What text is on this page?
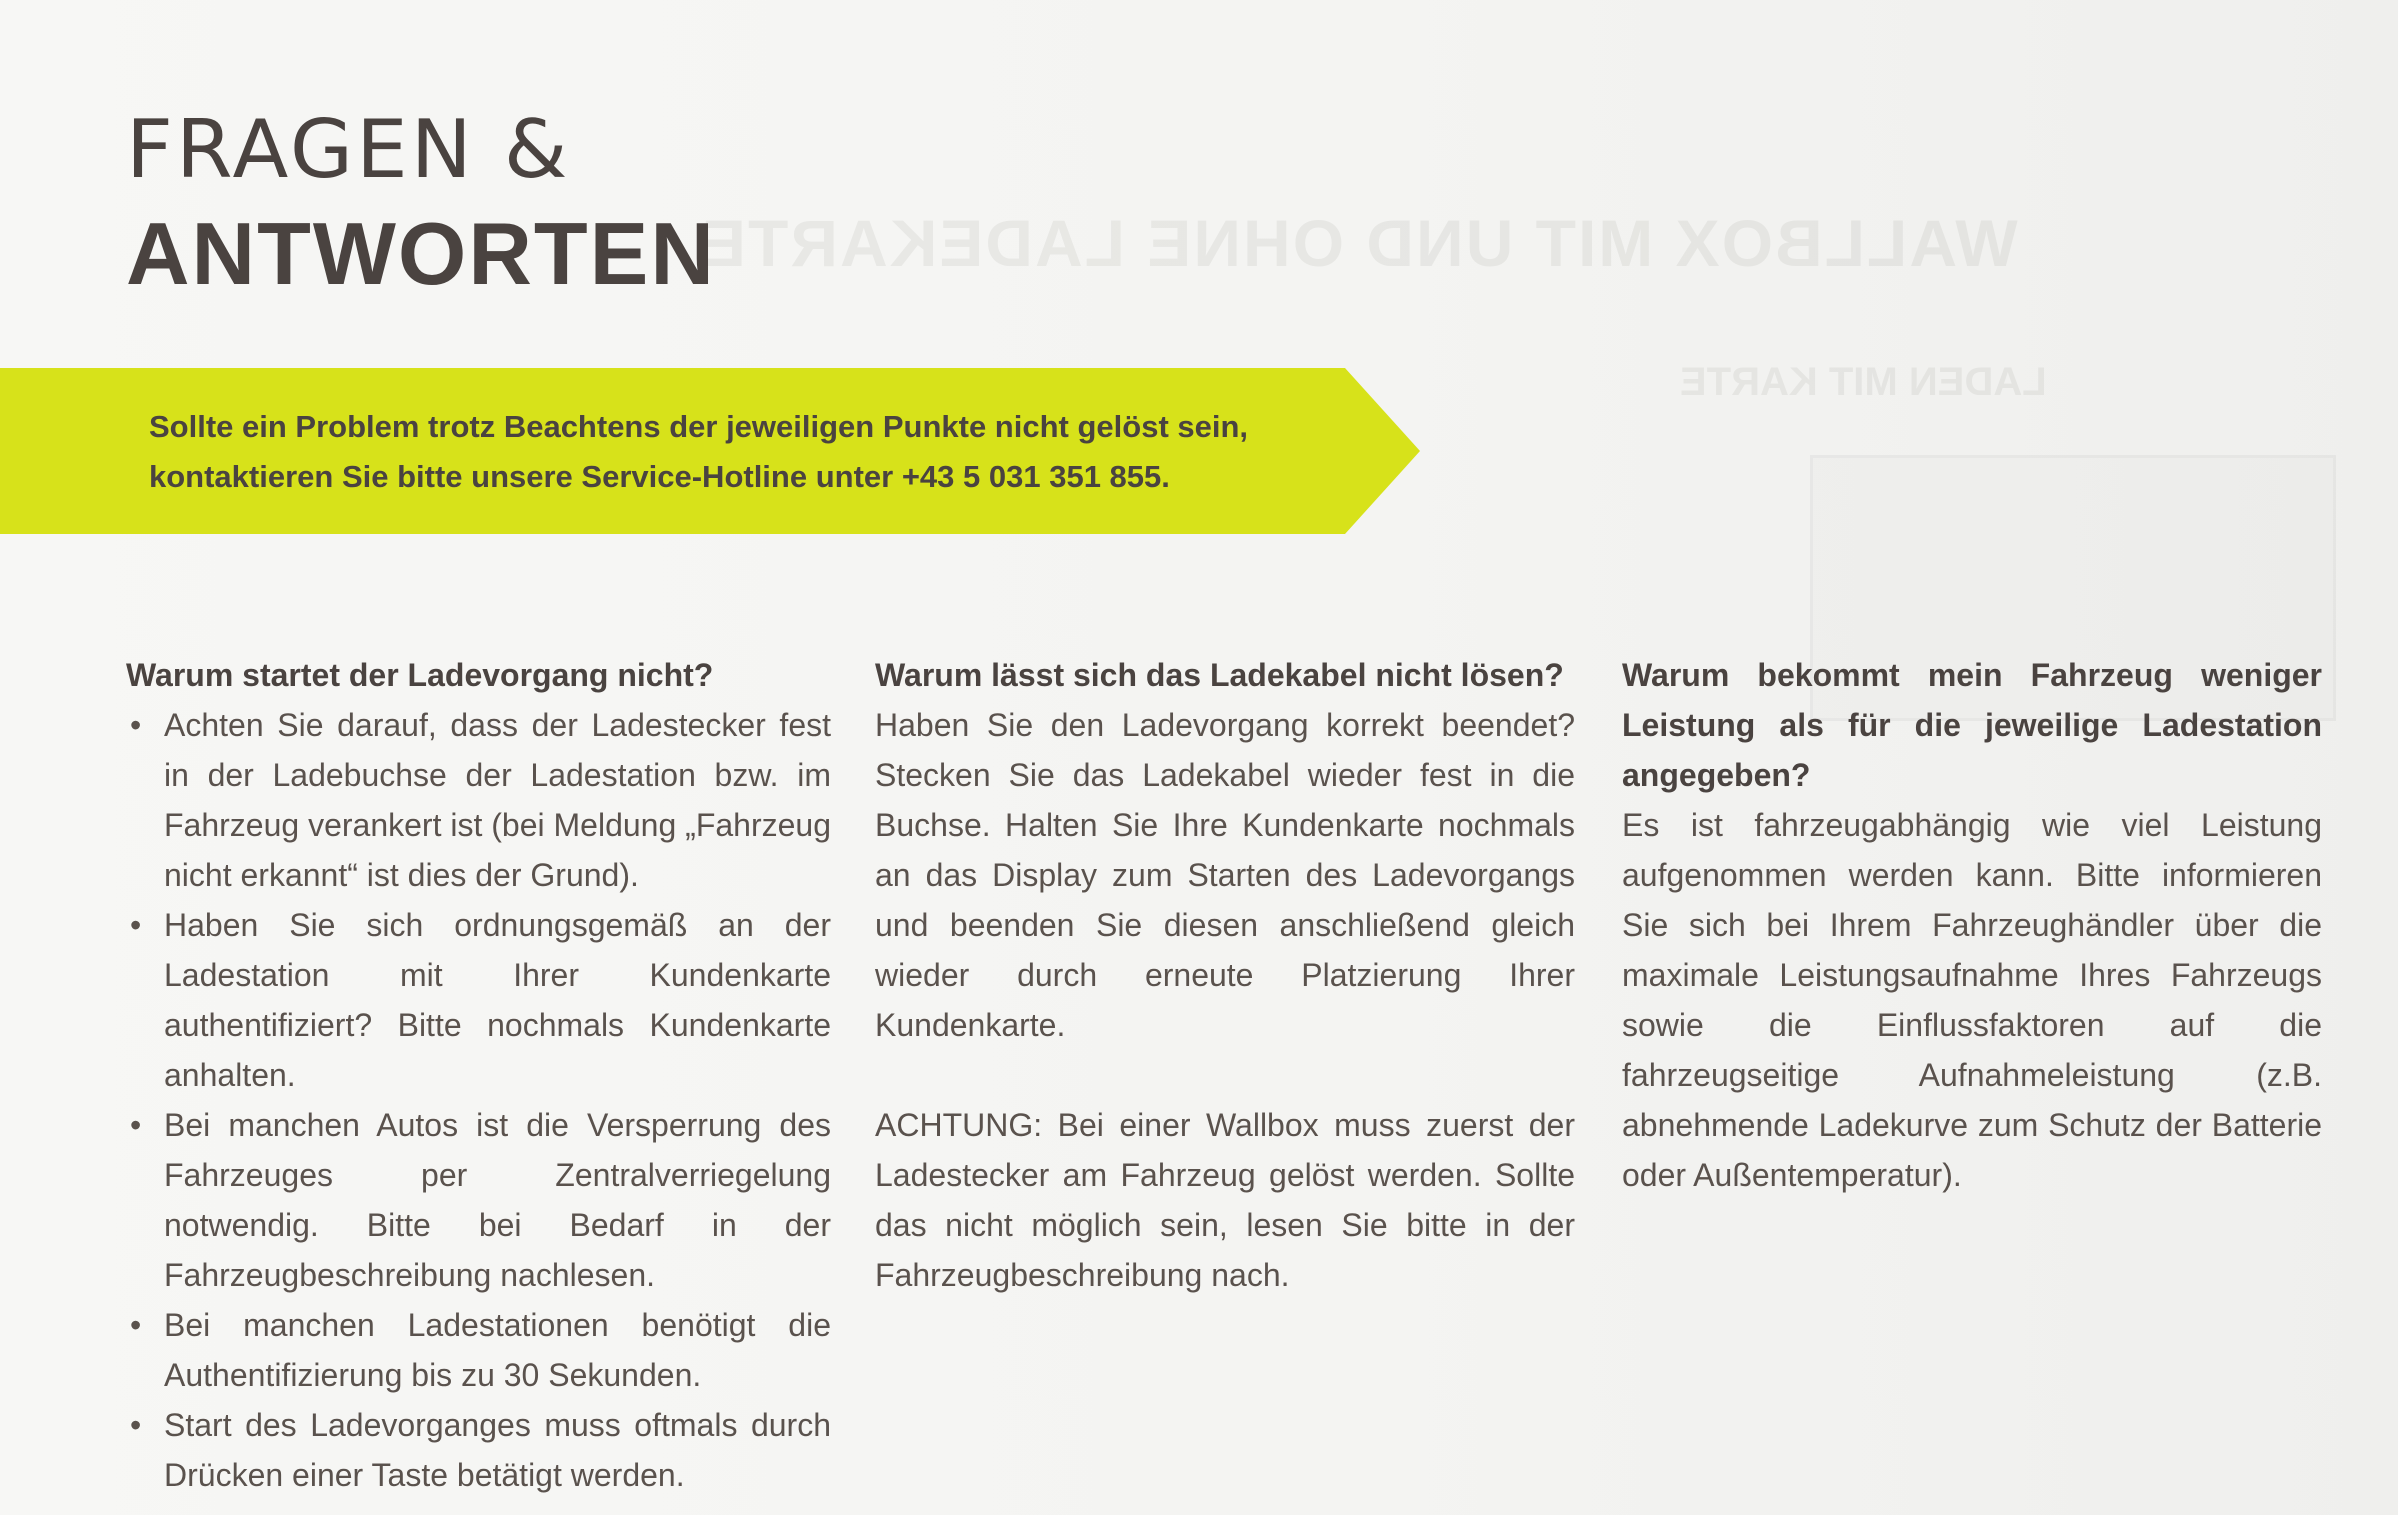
WALLBOX MIT UND OHNE LADEKARTE
LADEN MIT KARTE
FRAGEN &
ANTWORTEN
Sollte ein Problem trotz Beachtens der jeweiligen Punkte nicht gelöst sein,
kontaktieren Sie bitte unsere Service-Hotline unter +43 5 031 351 855.
Warum startet der Ladevorgang nicht?
• Achten Sie darauf, dass der Ladestecker fest in der Ladebuchse der Ladestation bzw. im Fahrzeug verankert ist (bei Meldung „Fahrzeug nicht erkannt“ ist dies der Grund).
• Haben Sie sich ordnungsgemäß an der Ladestation mit Ihrer Kundenkarte authentifiziert? Bitte nochmals Kundenkarte anhalten.
• Bei manchen Autos ist die Versperrung des Fahrzeuges per Zentralverriegelung notwendig. Bitte bei Bedarf in der Fahrzeugbeschreibung nachlesen.
• Bei manchen Ladestationen benötigt die Authentifizierung bis zu 30 Sekunden.
• Start des Ladevorganges muss oftmals durch Drücken einer Taste betätigt werden.
Warum lässt sich das Ladekabel nicht lösen?

Haben Sie den Ladevorgang korrekt beendet? Stecken Sie das Ladekabel wieder fest in die Buchse. Halten Sie Ihre Kundenkarte nochmals an das Display zum Starten des Ladevorgangs und beenden Sie diesen anschließend gleich wieder durch erneute Platzierung Ihrer Kundenkarte.

ACHTUNG: Bei einer Wallbox muss zuerst der Ladestecker am Fahrzeug gelöst werden. Sollte das nicht möglich sein, lesen Sie bitte in der Fahrzeugbeschreibung nach.

Warum bekommt mein Fahrzeug weniger Leistung als für die jeweilige Ladestation angegeben?

Es ist fahrzeugabhängig wie viel Leistung aufgenommen werden kann. Bitte informieren Sie sich bei Ihrem Fahrzeughändler über die maximale Leistungsaufnahme Ihres Fahrzeugs sowie die Einflussfaktoren auf die fahrzeugseitige Aufnahmeleistung (z.B. abnehmende Ladekurve zum Schutz der Batterie oder Außentemperatur).
